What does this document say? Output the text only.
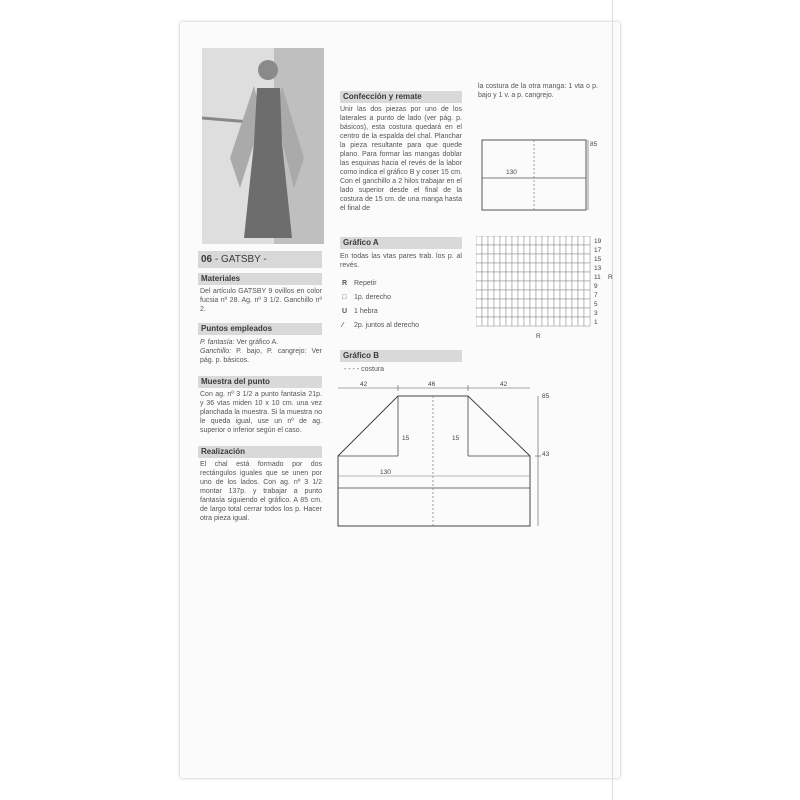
06 - GATSBY -
Materiales
Del artículo GATSBY 9 ovillos en color fucsia nº 28. Ag. nº 3 1/2. Ganchillo nº 2.
Puntos empleados
P. fantasía: Ver gráfico A.
Ganchillo: P. bajo, P. cangrejo: Ver pág. p. básicos.
Muestra del punto
Con ag. nº 3 1/2 a punto fantasía 21p. y 36 vtas miden 10 x 10 cm. una vez planchada la muestra. Si la muestra no le queda igual, use un nº de ag. superior o inferior según el caso.
Realización
El chal está formado por dos rectángulos iguales que se unen por uno de los lados. Con ag. nº 3 1/2 montar 137p. y trabajar a punto fantasía siguiendo el gráfico. A 85 cm. de largo total cerrar todos los p. Hacer otra pieza igual.
Confección y remate
Unir las dos piezas por uno de los laterales a punto de lado (ver pág. p. básicos), esta costura quedará en el centro de la espalda del chal. Planchar la pieza resultante para que quede plano. Para formar las mangas doblar las esquinas hacia el revés de la labor como indica el gráfico B y coser 15 cm. Con el ganchillo a 2 hilos trabajar en el lado superior desde el final de la costura de 15 cm. de una manga hasta el final de
Gráfico A
En todas las vtas pares trab. los p. al revés.
R Repetir
□ 1p. derecho
U 1 hebra
⁄ 2p. juntos al derecho
Gráfico B
- - - - costura
la costura de la otra manga: 1 vta o p. bajo y 1 v. a p. cangrejo.
85
130
19
17
15
13
11
9
7
5
3
1
R
R
42	46	42
130
15	15
85
43
